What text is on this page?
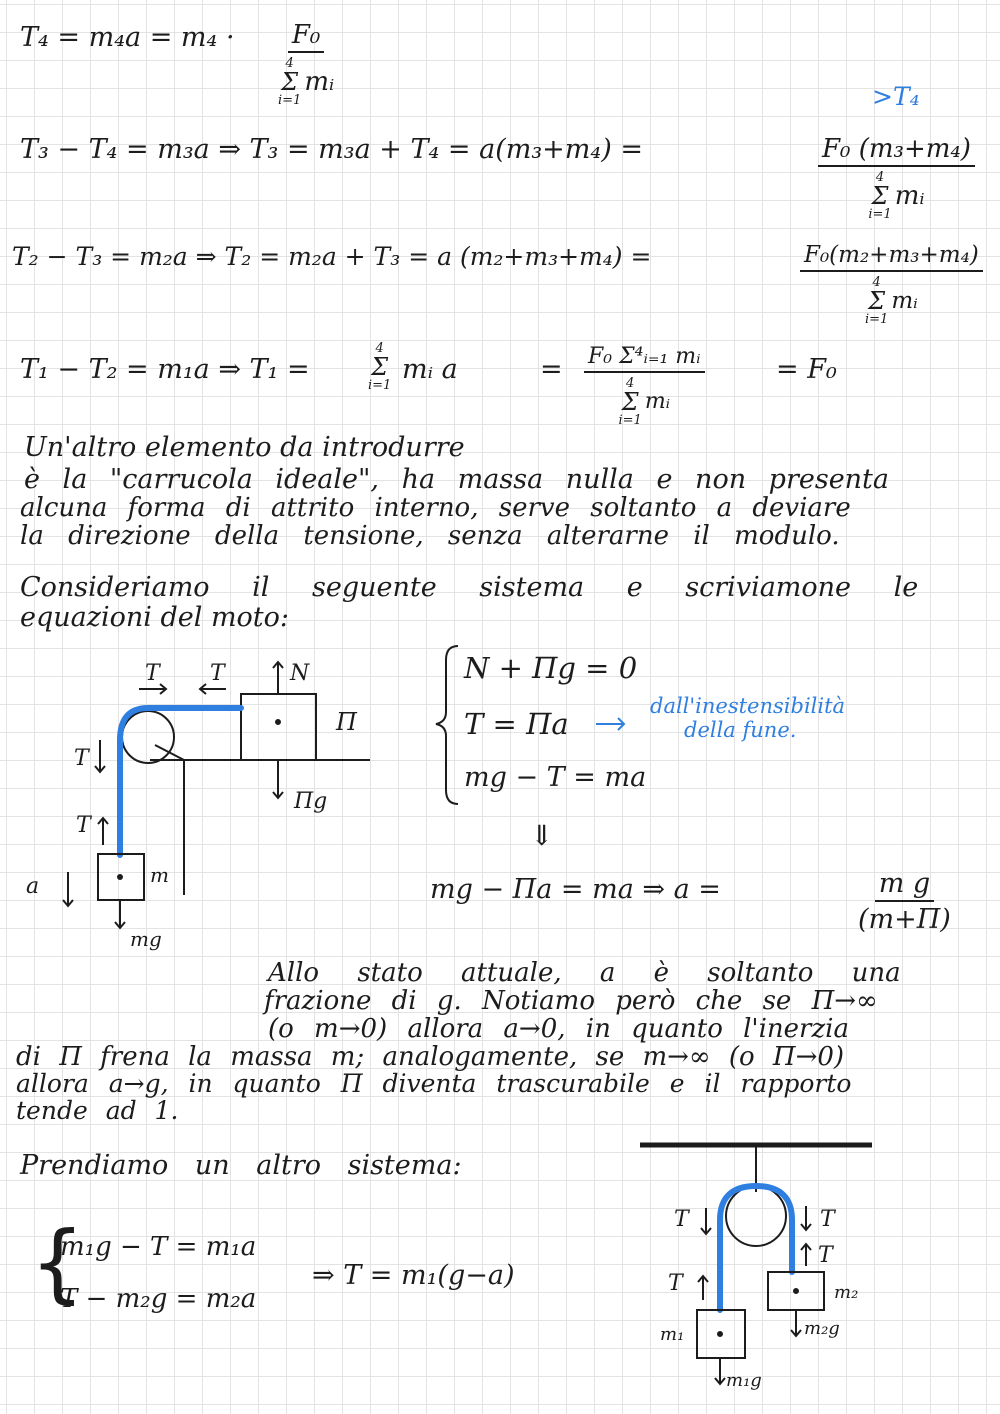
T₄ = m₄a = m₄ · F₀
4
Σ
i=1
mᵢ	>T₄
T₃ − T₄ = m₃a ⇒ T₃ = m₃a + T₄ = a(m₃+m₄) =	F₀ (m₃+m₄)
4
Σ
i=1
mᵢ
T₂ − T₃ = m₂a ⇒ T₂ = m₂a + T₃ = a (m₂+m₃+m₄) =	F₀(m₂+m₃+m₄)
4
Σ
i=1
mᵢ
T₁ − T₂ = m₁a ⇒ T₁ =
4
Σ
i=1
mᵢ a	= F₀ Σ⁴ᵢ₌₁ mᵢ
4
Σ
i=1
mᵢ	= F₀
Un'altro elemento da introdurre
è la "carrucola ideale", ha massa nulla e non presenta
alcuna forma di attrito interno, serve soltanto a deviare
la direzione della tensione, senza alterarne il modulo.
Consideriamo il seguente sistema e scriviamone le
equazioni del moto:
T T	N
Π
Πg
T
T
a	m
mg
T
T
T
T
m₂
m₁	m₂g
m₁g
N + Πg = 0
T = Πa
mg − T = ma
dall'inestensibilità
della fune.
⇓
mg − Πa = ma ⇒ a =	$\frac{\text{m g}}{(m+\Pi)}$
Allo stato attuale, a è soltanto una
frazione di g. Notiamo però che se Π→∞
(o m→0) allora a→0, in quanto l'inerzia
di Π frena la massa m; analogamente, se m→∞ (o Π→0)
allora a→g, in quanto Π diventa trascurabile e il rapporto
tende ad 1.
Prendiamo un altro sistema:
{
m₁g − T = m₁a
T − m₂g = m₂a
⇒ T = m₁(g−a)
